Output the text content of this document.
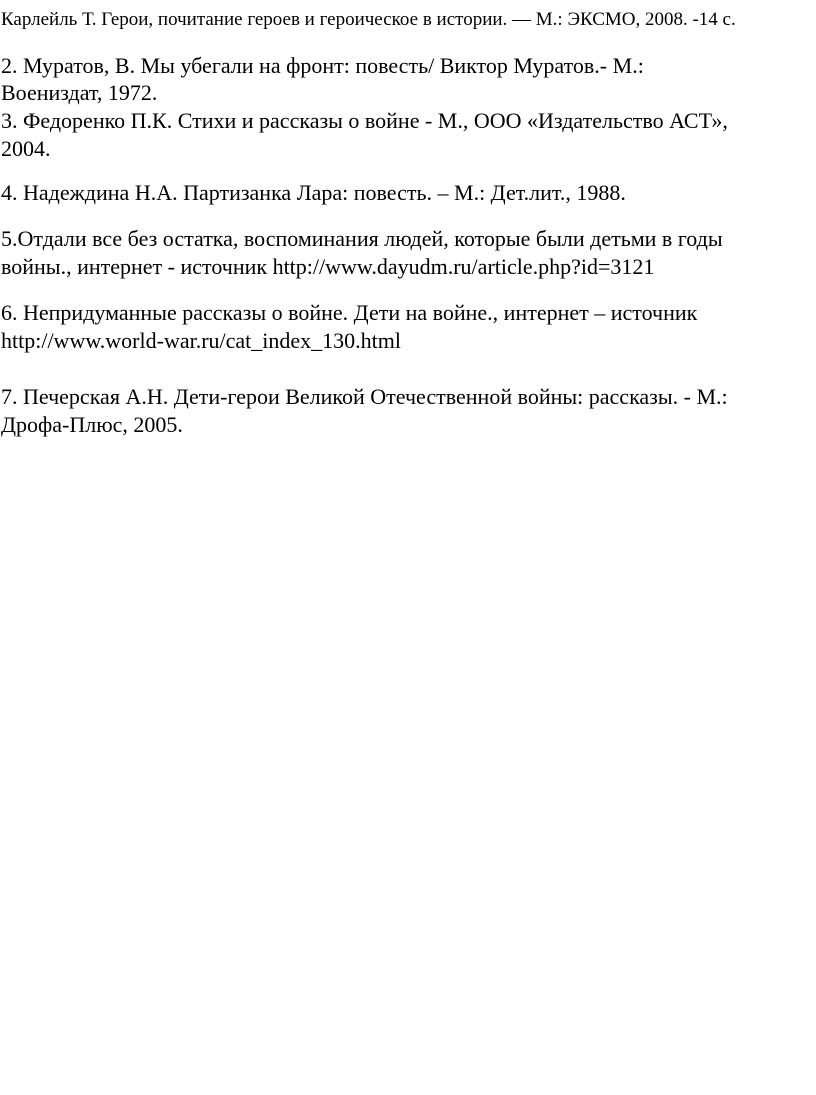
Карлейль Т. Герои, почитание героев и героическое в истории. — М.: ЭКСМО, 2008. -14 с.
2. Муратов, В. Мы убегали на фронт: повесть/ Виктор Муратов.- М.:
Воениздат, 1972.
3. Федоренко П.К. Стихи и рассказы о войне - М., ООО «Издательство АСТ»,
2004.
4. Надеждина Н.А. Партизанка Лара: повесть. – М.: Дет.лит., 1988.
5.Отдали все без остатка, воспоминания людей, которые были детьми в годы
войны., интернет - источник http://www.dayudm.ru/article.php?id=3121
6. Непридуманные рассказы о войне. Дети на войне., интернет – источник
http://www.world-war.ru/cat_index_130.html
7. Печерская А.Н. Дети-герои Великой Отечественной войны: рассказы. - М.:
Дрофа-Плюс, 2005.
